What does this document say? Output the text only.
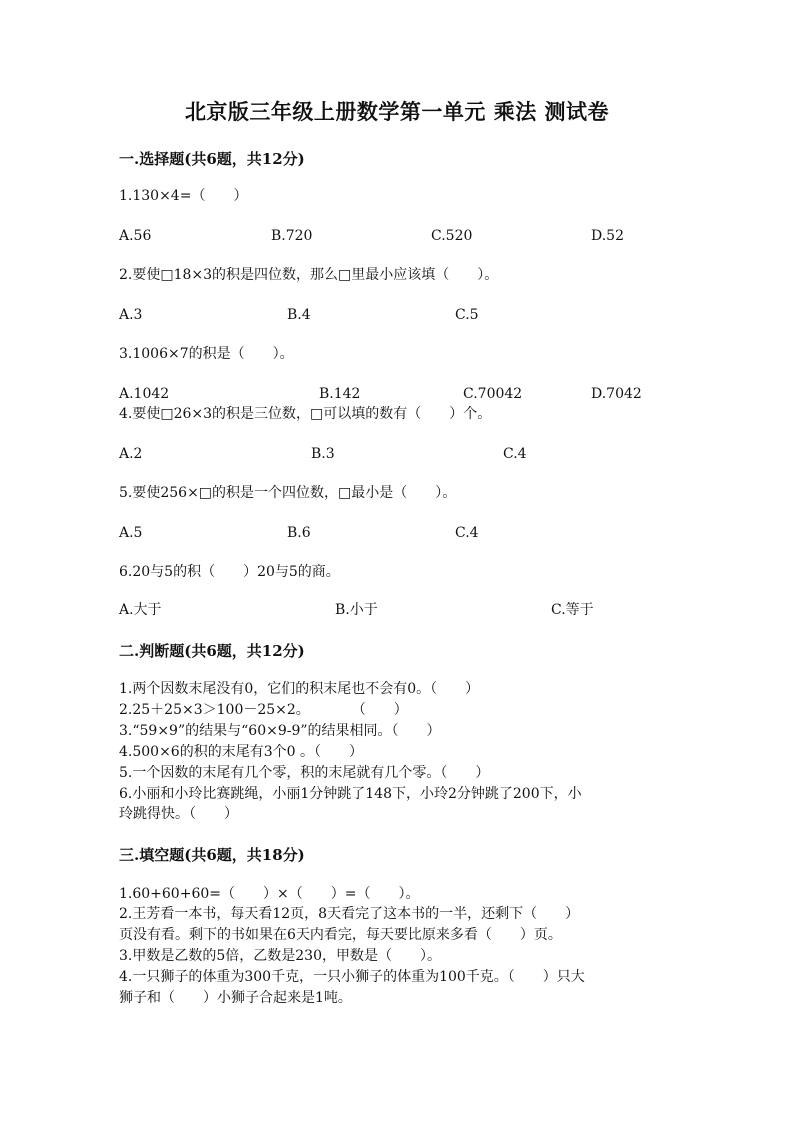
北京版三年级上册数学第一单元 乘法 测试卷
一.选择题(共6题，共12分)
1.130×4=（　　）
A.56	B.720	C.520	D.52
2.要使□18×3的积是四位数，那么□里最小应该填（　　）。
A.3	B.4	C.5
3.1006×7的积是（　　）。
A.1042	B.142	C.70042	D.7042
4.要使□26×3的积是三位数，□可以填的数有（　　）个。
A.2	B.3	C.4
5.要使256×□的积是一个四位数，□最小是（　　）。
A.5	B.6	C.4
6.20与5的积（　　）20与5的商。
A.大于	B.小于	C.等于
二.判断题(共6题，共12分)
1.两个因数末尾没有0，它们的积末尾也不会有0。（　　）
2.25＋25×3＞100－25×2。　　　　（　　）
3.“59×9”的结果与“60×9-9”的结果相同。（　　）
4.500×6的积的末尾有3个0 。（　　）
5.一个因数的末尾有几个零，积的末尾就有几个零。（　　）
6.小丽和小玲比赛跳绳，小丽1分钟跳了148下，小玲2分钟跳了200下，小
玲跳得快。（　　）
三.填空题(共6题，共18分)
1.60+60+60=（　　）×（　　）=（　　）。
2.王芳看一本书，每天看12页，8天看完了这本书的一半，还剩下（　　）
页没有看。剩下的书如果在6天内看完，每天要比原来多看（　　）页。
3.甲数是乙数的5倍，乙数是230，甲数是（　　）。
4.一只狮子的体重为300千克，一只小狮子的体重为100千克。（　　）只大
狮子和（　　）小狮子合起来是1吨。
